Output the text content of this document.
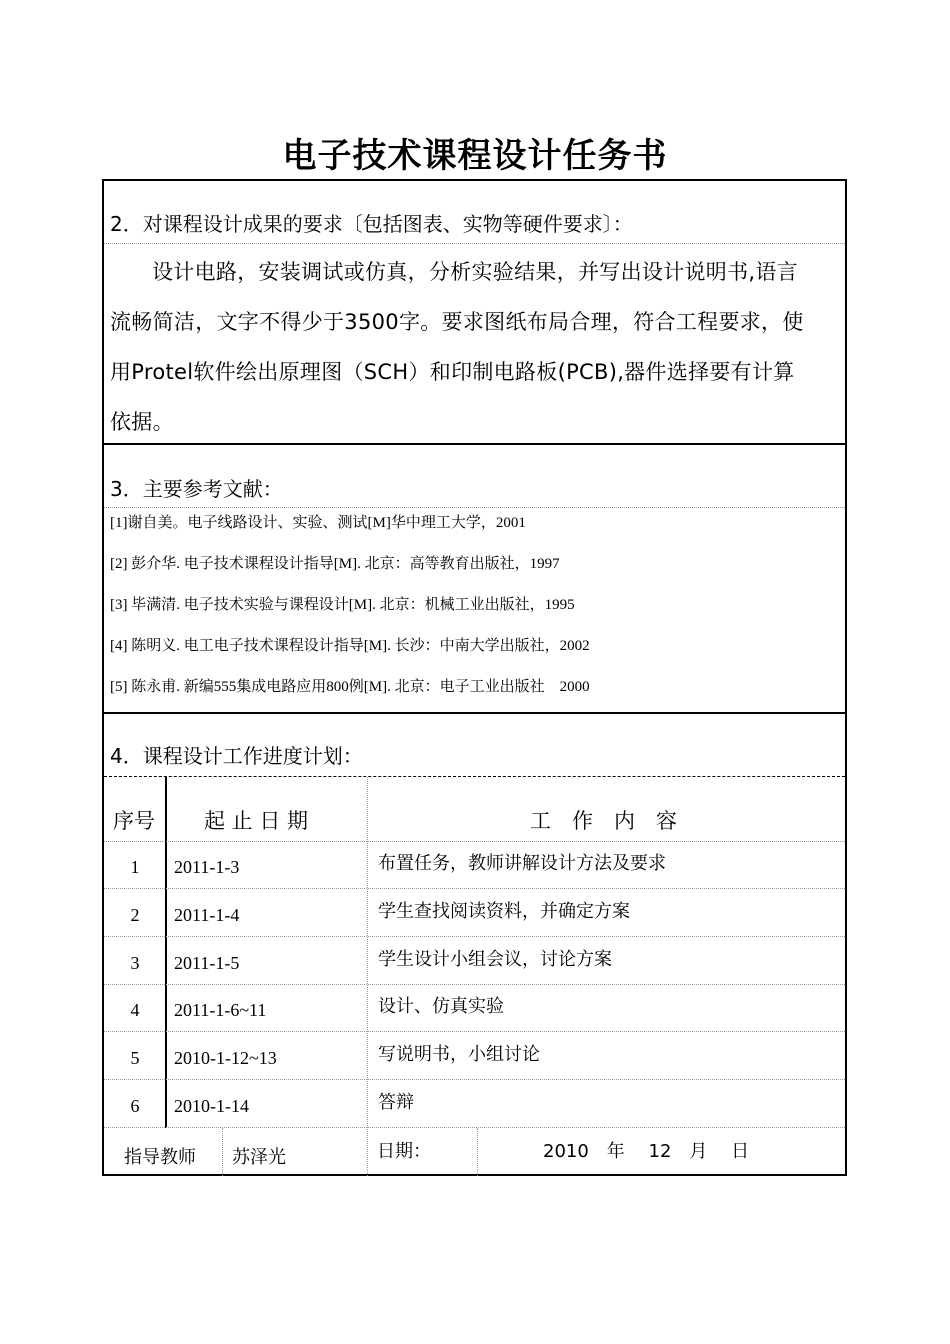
电子技术课程设计任务书
2．对课程设计成果的要求〔包括图表、实物等硬件要求〕：
设计电路，安装调试或仿真，分析实验结果，并写出设计说明书,语言
流畅简洁，文字不得少于3500字。要求图纸布局合理，符合工程要求，使
用Protel软件绘出原理图（SCH）和印制电路板(PCB),器件选择要有计算
依据。
3．主要参考文献：
[1]谢自美。电子线路设计、实验、测试[M]华中理工大学，2001
[2] 彭介华. 电子技术课程设计指导[M]. 北京：高等教育出版社，1997
[3] 毕满清. 电子技术实验与课程设计[M]. 北京：机械工业出版社，1995
[4] 陈明义. 电工电子技术课程设计指导[M]. 长沙：中南大学出版社，2002
[5] 陈永甫. 新编555集成电路应用800例[M]. 北京：电子工业出版社　2000
4．课程设计工作进度计划：
序号	起 止 日 期	工　作　内　容
1	2011-1-3	布置任务，教师讲解设计方法及要求
2	2011-1-4	学生查找阅读资料，并确定方案
3	2011-1-5	学生设计小组会议，讨论方案
4	2011-1-6~11	设计、仿真实验
5	2010-1-12~13	写说明书，小组讨论
6	2010-1-14	答辩
指导教师 苏泽光	日期：	2010　年　 12　月　 日
